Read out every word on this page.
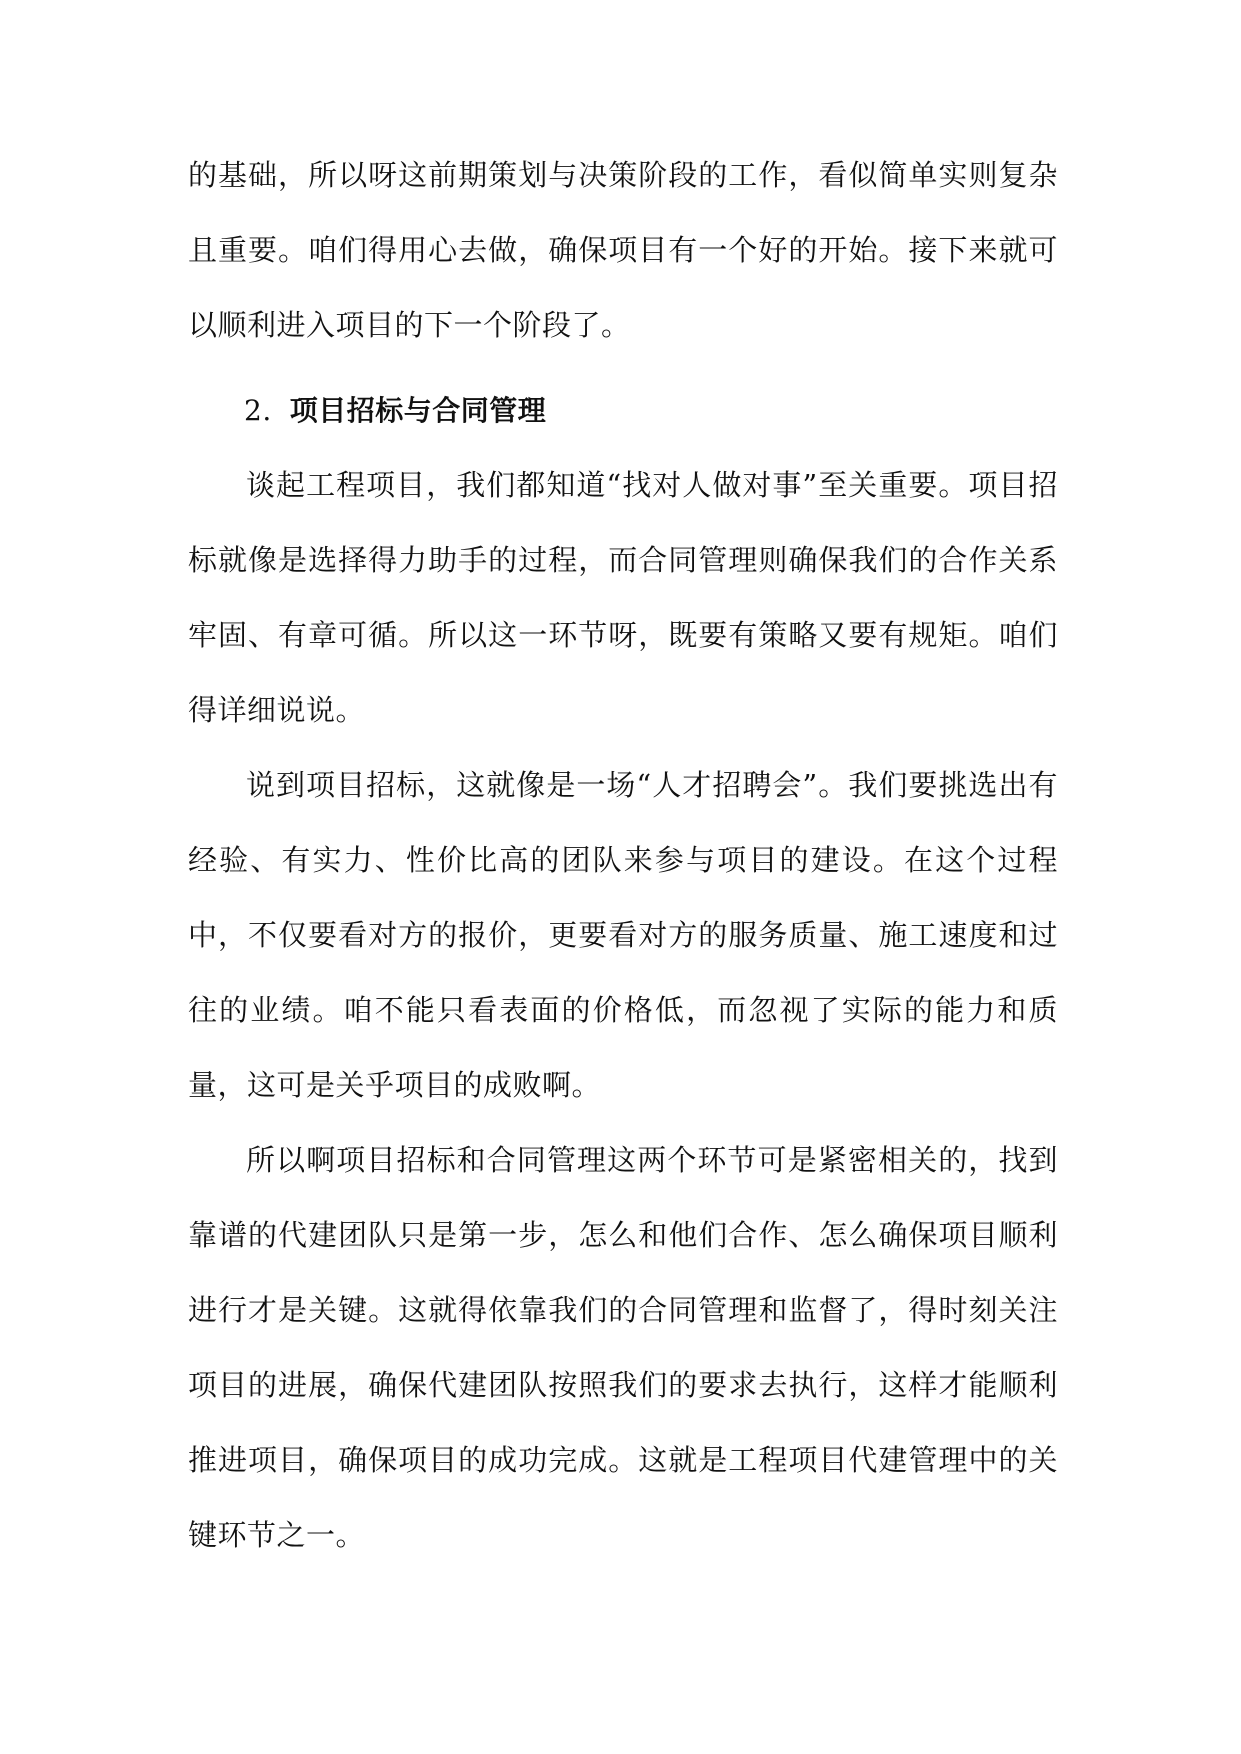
的基础，所以呀这前期策划与决策阶段的工作，看似简单实则复杂且重要。咱们得用心去做，确保项目有一个好的开始。接下来就可以顺利进入项目的下一个阶段了。

2. 项目招标与合同管理

谈起工程项目，我们都知道“找对人做对事”至关重要。项目招标就像是选择得力助手的过程，而合同管理则确保我们的合作关系牢固、有章可循。所以这一环节呀，既要有策略又要有规矩。咱们得详细说说。

说到项目招标，这就像是一场“人才招聘会”。我们要挑选出有经验、有实力、性价比高的团队来参与项目的建设。在这个过程中，不仅要看对方的报价，更要看对方的服务质量、施工速度和过往的业绩。咱不能只看表面的价格低，而忽视了实际的能力和质量，这可是关乎项目的成败啊。

所以啊项目招标和合同管理这两个环节可是紧密相关的，找到靠谱的代建团队只是第一步，怎么和他们合作、怎么确保项目顺利进行才是关键。这就得依靠我们的合同管理和监督了，得时刻关注项目的进展，确保代建团队按照我们的要求去执行，这样才能顺利推进项目，确保项目的成功完成。这就是工程项目代建管理中的关键环节之一。
